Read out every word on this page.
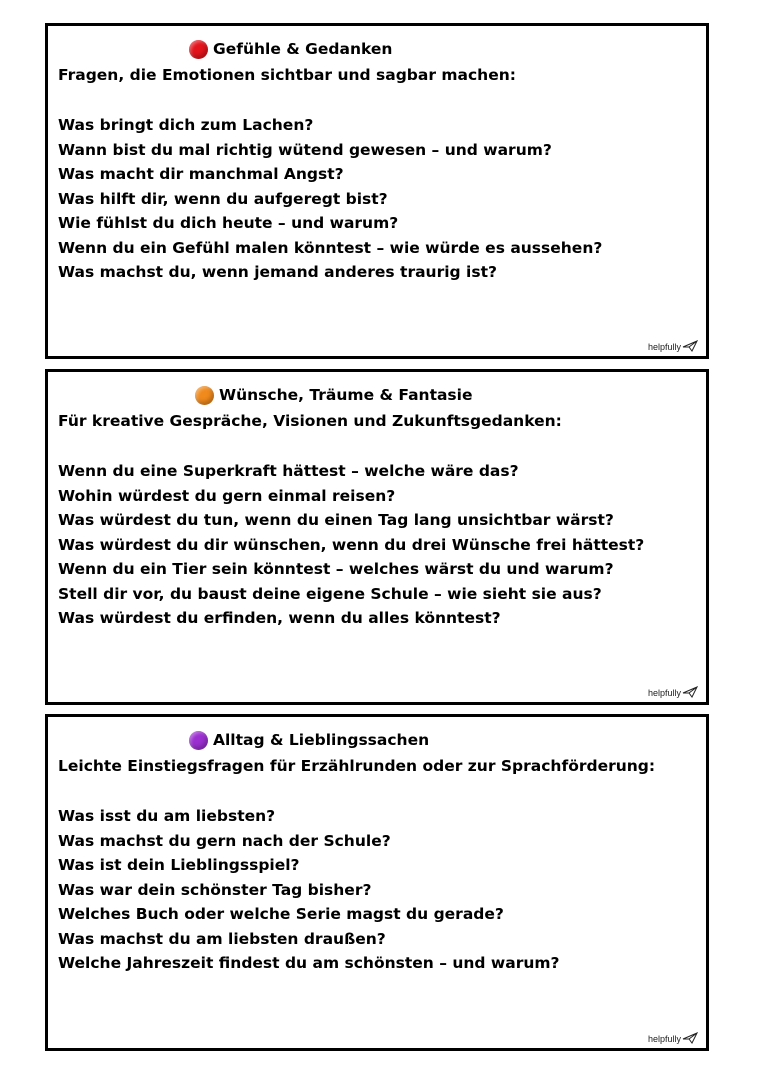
Gefühle & Gedanken
Fragen, die Emotionen sichtbar und sagbar machen:
Was bringt dich zum Lachen?
Wann bist du mal richtig wütend gewesen – und warum?
Was macht dir manchmal Angst?
Was hilft dir, wenn du aufgeregt bist?
Wie fühlst du dich heute – und warum?
Wenn du ein Gefühl malen könntest – wie würde es aussehen?
Was machst du, wenn jemand anderes traurig ist?
helpfully
Wünsche, Träume & Fantasie
Für kreative Gespräche, Visionen und Zukunftsgedanken:
Wenn du eine Superkraft hättest – welche wäre das?
Wohin würdest du gern einmal reisen?
Was würdest du tun, wenn du einen Tag lang unsichtbar wärst?
Was würdest du dir wünschen, wenn du drei Wünsche frei hättest?
Wenn du ein Tier sein könntest – welches wärst du und warum?
Stell dir vor, du baust deine eigene Schule – wie sieht sie aus?
Was würdest du erfinden, wenn du alles könntest?
helpfully
Alltag & Lieblingssachen
Leichte Einstiegsfragen für Erzählrunden oder zur Sprachförderung:
Was isst du am liebsten?
Was machst du gern nach der Schule?
Was ist dein Lieblingsspiel?
Was war dein schönster Tag bisher?
Welches Buch oder welche Serie magst du gerade?
Was machst du am liebsten draußen?
Welche Jahreszeit findest du am schönsten – und warum?
helpfully
